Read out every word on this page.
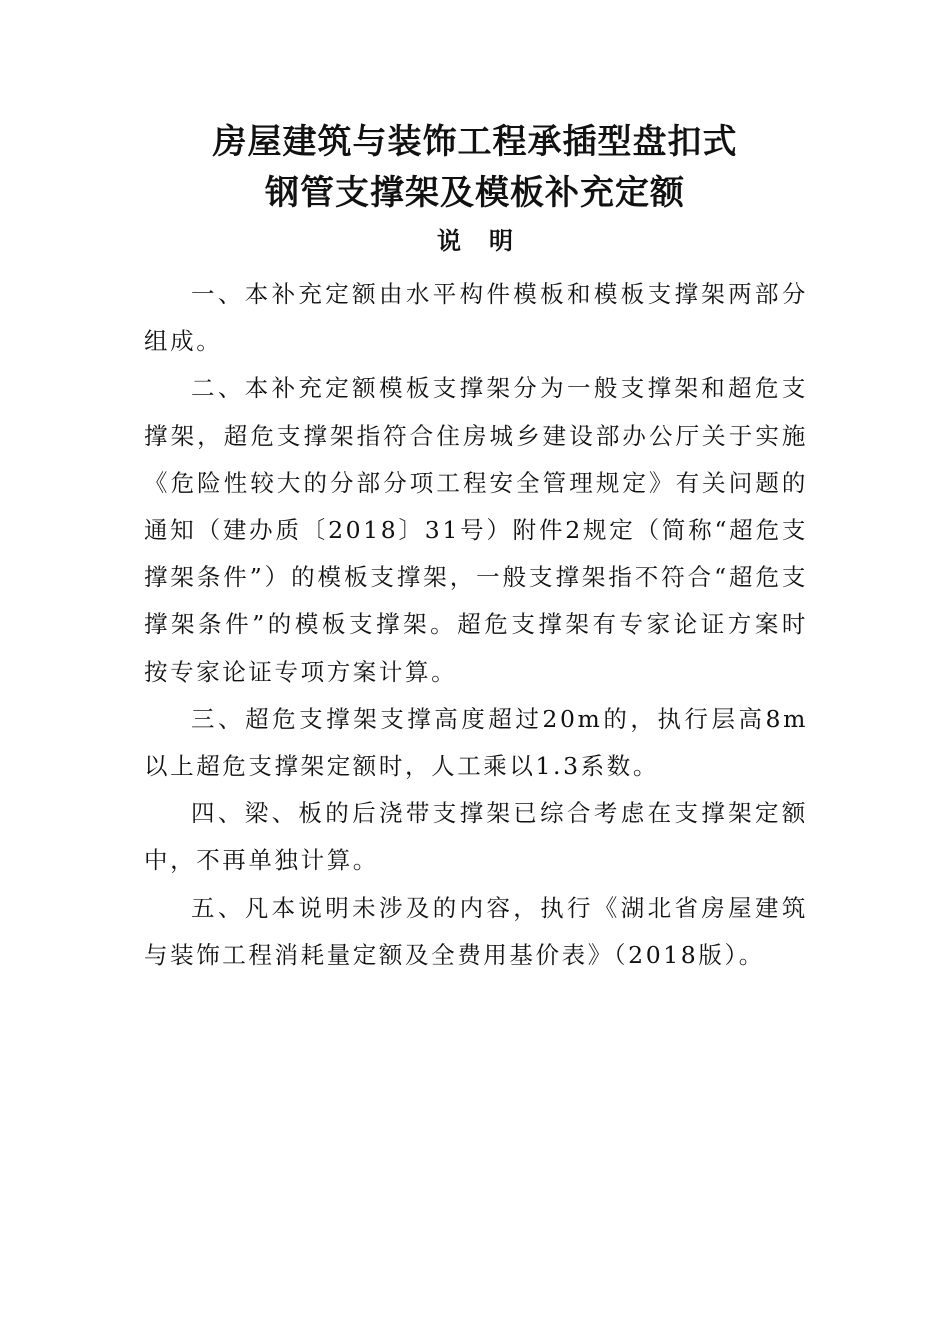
房屋建筑与装饰工程承插型盘扣式
钢管支撑架及模板补充定额
说明

一、本补充定额由水平构件模板和模板支撑架两部分组成。

二、本补充定额模板支撑架分为一般支撑架和超危支撑架，超危支撑架指符合住房城乡建设部办公厅关于实施《危险性较大的分部分项工程安全管理规定》有关问题的通知（建办质〔2018〕31号）附件2规定（简称“超危支撑架条件”）的模板支撑架，一般支撑架指不符合“超危支撑架条件”的模板支撑架。超危支撑架有专家论证方案时按专家论证专项方案计算。

三、超危支撑架支撑高度超过20m的，执行层高8m以上超危支撑架定额时，人工乘以1.3系数。

四、梁、板的后浇带支撑架已综合考虑在支撑架定额中，不再单独计算。

五、凡本说明未涉及的内容，执行《湖北省房屋建筑与装饰工程消耗量定额及全费用基价表》（2018版）。
